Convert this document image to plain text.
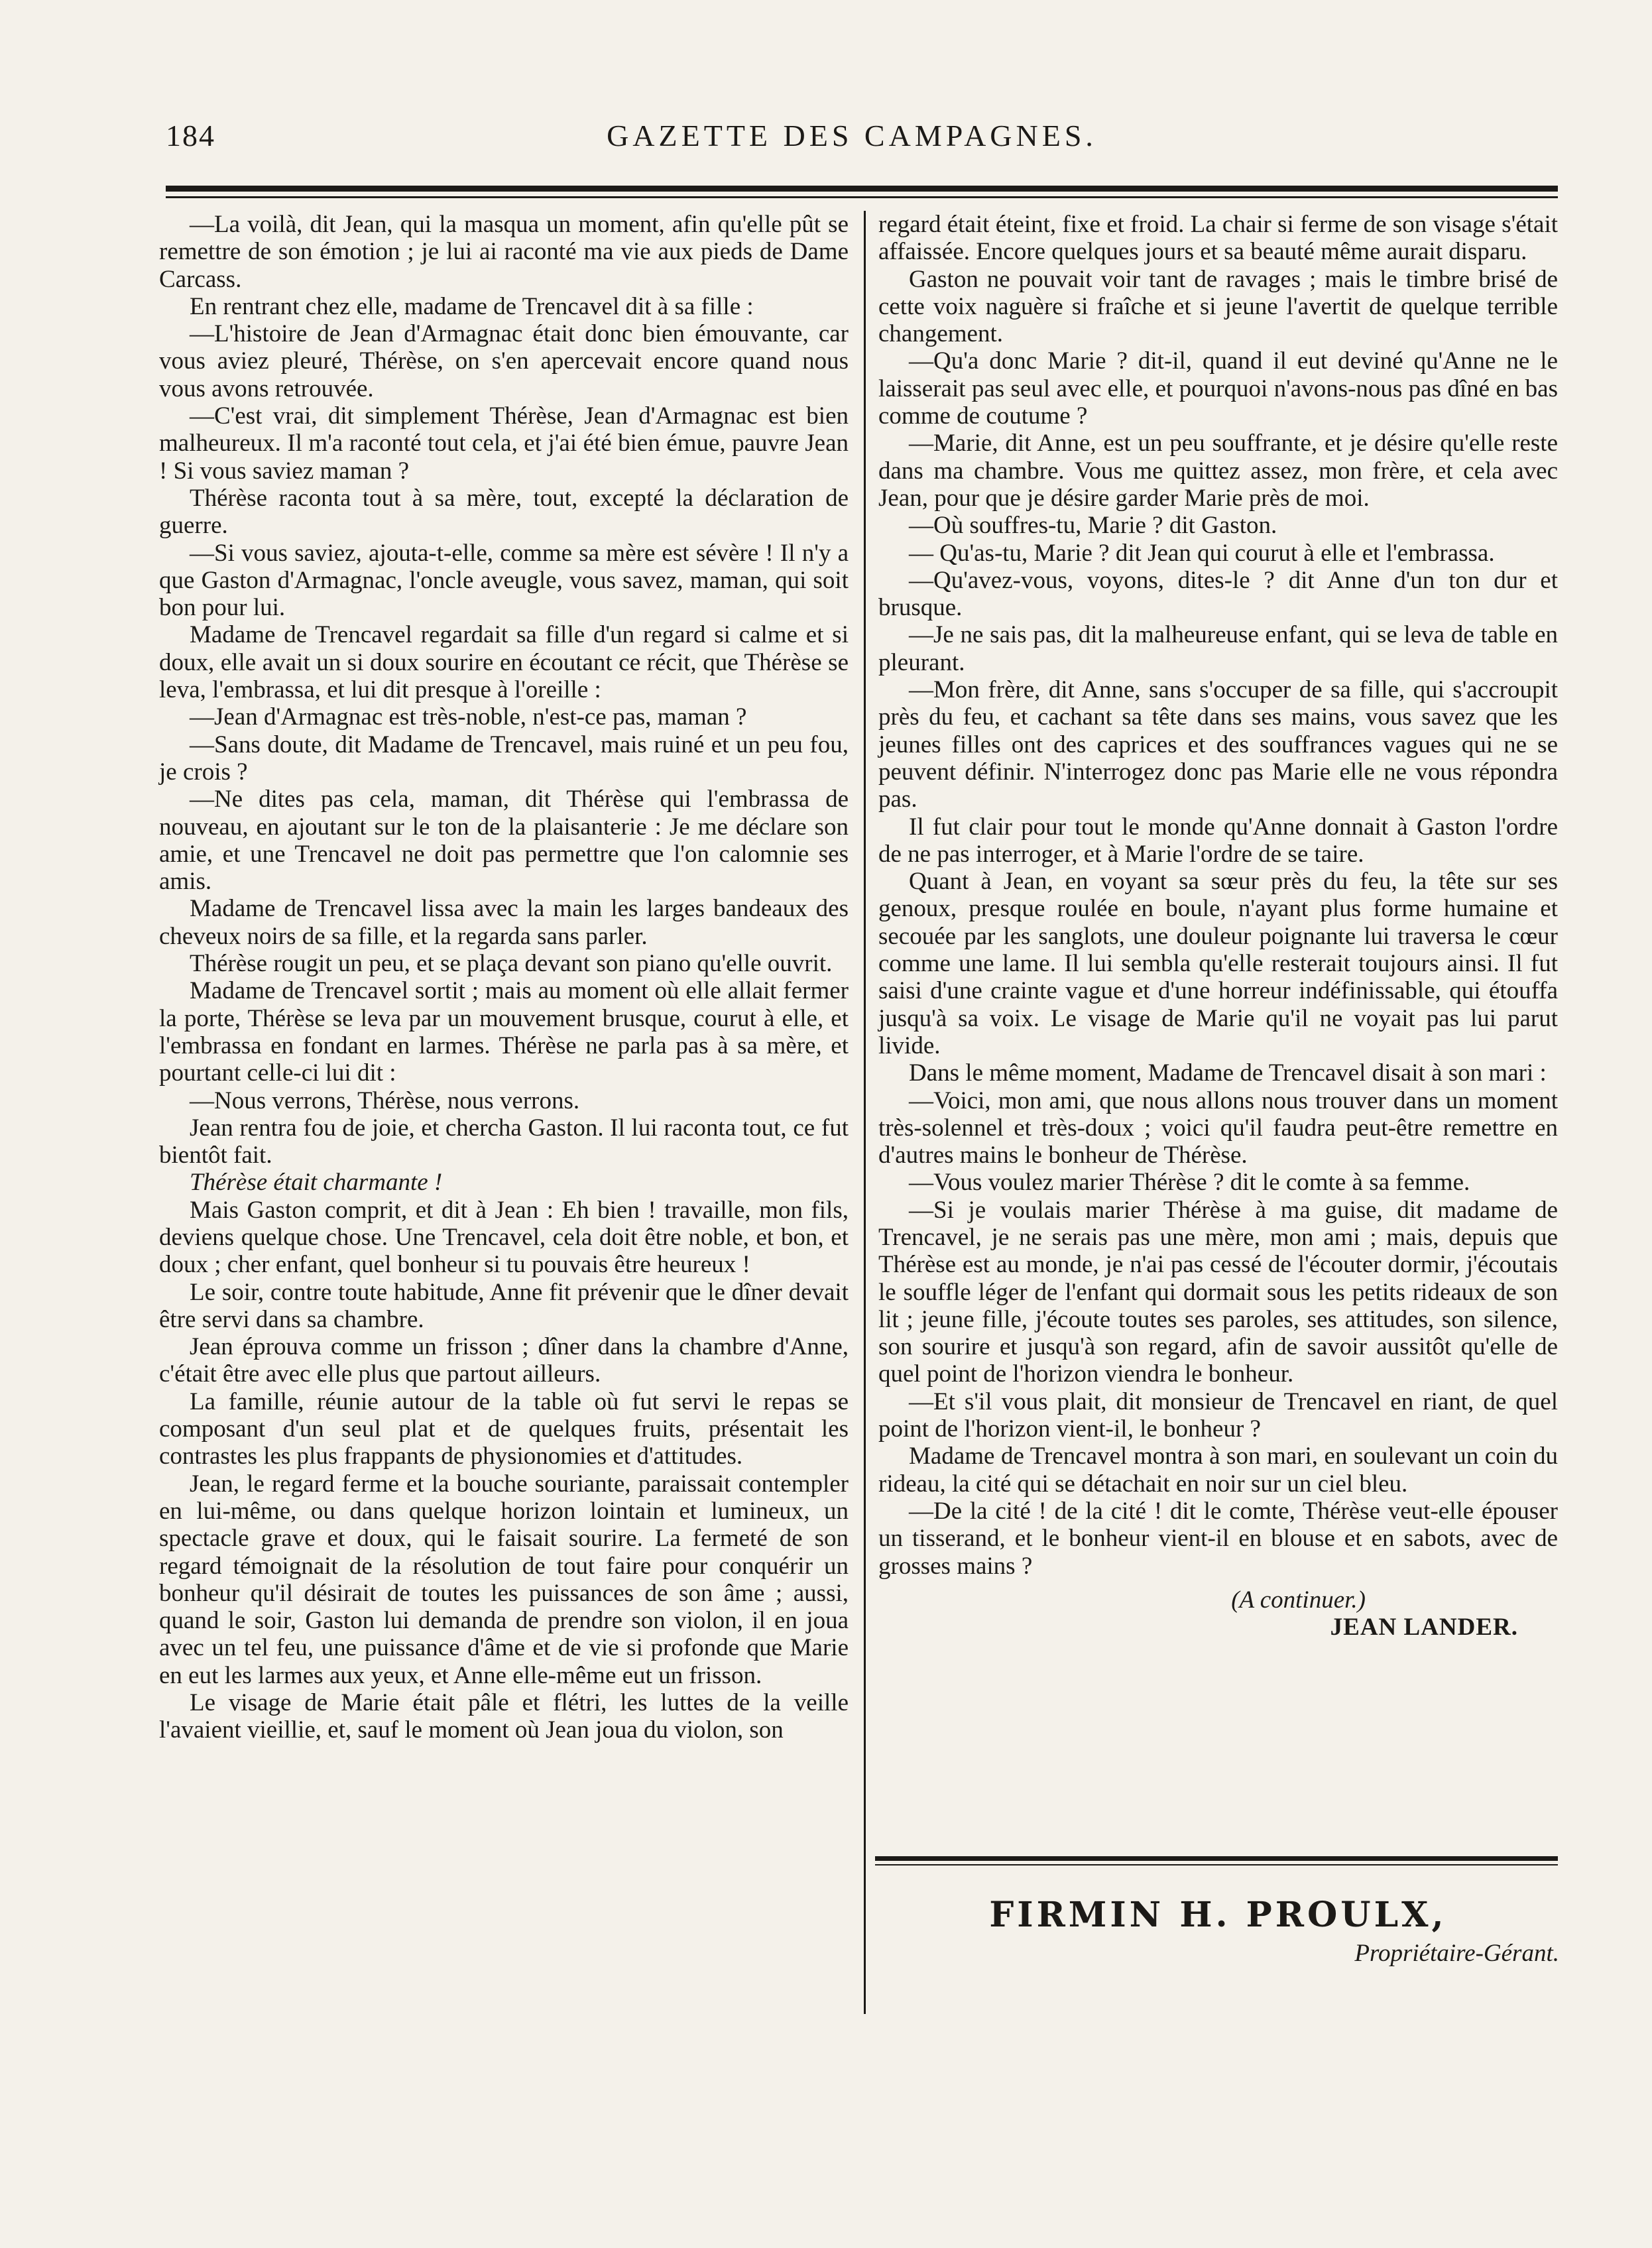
184	GAZETTE DES CAMPAGNES.

—La voilà, dit Jean, qui la masqua un moment, afin qu'elle pût se remettre de son émotion ; je lui ai raconté ma vie aux pieds de Dame Carcass.

En rentrant chez elle, madame de Trencavel dit à sa fille :

—L'histoire de Jean d'Armagnac était donc bien émouvante, car vous aviez pleuré, Thérèse, on s'en apercevait encore quand nous vous avons retrouvée.

—C'est vrai, dit simplement Thérèse, Jean d'Armagnac est bien malheureux. Il m'a raconté tout cela, et j'ai été bien émue, pauvre Jean ! Si vous saviez maman ?

Thérèse raconta tout à sa mère, tout, excepté la déclaration de guerre.

—Si vous saviez, ajouta-t-elle, comme sa mère est sévère ! Il n'y a que Gaston d'Armagnac, l'oncle aveugle, vous savez, maman, qui soit bon pour lui.

Madame de Trencavel regardait sa fille d'un regard si calme et si doux, elle avait un si doux sourire en écoutant ce récit, que Thérèse se leva, l'embrassa, et lui dit presque à l'oreille :

—Jean d'Armagnac est très-noble, n'est-ce pas, maman ?

—Sans doute, dit Madame de Trencavel, mais ruiné et un peu fou, je crois ?

—Ne dites pas cela, maman, dit Thérèse qui l'embrassa de nouveau, en ajoutant sur le ton de la plaisanterie : Je me déclare son amie, et une Trencavel ne doit pas permettre que l'on calomnie ses amis.

Madame de Trencavel lissa avec la main les larges bandeaux des cheveux noirs de sa fille, et la regarda sans parler.

Thérèse rougit un peu, et se plaça devant son piano qu'elle ouvrit.

Madame de Trencavel sortit ; mais au moment où elle allait fermer la porte, Thérèse se leva par un mouvement brusque, courut à elle, et l'embrassa en fondant en larmes. Thérèse ne parla pas à sa mère, et pourtant celle-ci lui dit :

—Nous verrons, Thérèse, nous verrons.

Jean rentra fou de joie, et chercha Gaston. Il lui raconta tout, ce fut bientôt fait.

Thérèse était charmante !

Mais Gaston comprit, et dit à Jean : Eh bien ! travaille, mon fils, deviens quelque chose. Une Trencavel, cela doit être noble, et bon, et doux ; cher enfant, quel bonheur si tu pouvais être heureux !

Le soir, contre toute habitude, Anne fit prévenir que le dîner devait être servi dans sa chambre.

Jean éprouva comme un frisson ; dîner dans la chambre d'Anne, c'était être avec elle plus que partout ailleurs.

La famille, réunie autour de la table où fut servi le repas se composant d'un seul plat et de quelques fruits, présentait les contrastes les plus frappants de physionomies et d'attitudes.

Jean, le regard ferme et la bouche souriante, paraissait contempler en lui-même, ou dans quelque horizon lointain et lumineux, un spectacle grave et doux, qui le faisait sourire. La fermeté de son regard témoignait de la résolution de tout faire pour conquérir un bonheur qu'il désirait de toutes les puissances de son âme ; aussi, quand le soir, Gaston lui demanda de prendre son violon, il en joua avec un tel feu, une puissance d'âme et de vie si profonde que Marie en eut les larmes aux yeux, et Anne elle-même eut un frisson.

Le visage de Marie était pâle et flétri, les luttes de la veille l'avaient vieillie, et, sauf le moment où Jean joua du violon, son

regard était éteint, fixe et froid. La chair si ferme de son visage s'était affaissée. Encore quelques jours et sa beauté même aurait disparu.

Gaston ne pouvait voir tant de ravages ; mais le timbre brisé de cette voix naguère si fraîche et si jeune l'avertit de quelque terrible changement.

—Qu'a donc Marie ? dit-il, quand il eut deviné qu'Anne ne le laisserait pas seul avec elle, et pourquoi n'avons-nous pas dîné en bas comme de coutume ?

—Marie, dit Anne, est un peu souffrante, et je désire qu'elle reste dans ma chambre. Vous me quittez assez, mon frère, et cela avec Jean, pour que je désire garder Marie près de moi.

—Où souffres-tu, Marie ? dit Gaston.

— Qu'as-tu, Marie ? dit Jean qui courut à elle et l'embrassa.

—Qu'avez-vous, voyons, dites-le ? dit Anne d'un ton dur et brusque.

—Je ne sais pas, dit la malheureuse enfant, qui se leva de table en pleurant.

—Mon frère, dit Anne, sans s'occuper de sa fille, qui s'accroupit près du feu, et cachant sa tête dans ses mains, vous savez que les jeunes filles ont des caprices et des souffrances vagues qui ne se peuvent définir. N'interrogez donc pas Marie elle ne vous répondra pas.

Il fut clair pour tout le monde qu'Anne donnait à Gaston l'ordre de ne pas interroger, et à Marie l'ordre de se taire.

Quant à Jean, en voyant sa sœur près du feu, la tête sur ses genoux, presque roulée en boule, n'ayant plus forme humaine et secouée par les sanglots, une douleur poignante lui traversa le cœur comme une lame. Il lui sembla qu'elle resterait toujours ainsi. Il fut saisi d'une crainte vague et d'une horreur indéfinissable, qui étouffa jusqu'à sa voix. Le visage de Marie qu'il ne voyait pas lui parut livide.

Dans le même moment, Madame de Trencavel disait à son mari :

—Voici, mon ami, que nous allons nous trouver dans un moment très-solennel et très-doux ; voici qu'il faudra peut-être remettre en d'autres mains le bonheur de Thérèse.

—Vous voulez marier Thérèse ? dit le comte à sa femme.

—Si je voulais marier Thérèse à ma guise, dit madame de Trencavel, je ne serais pas une mère, mon ami ; mais, depuis que Thérèse est au monde, je n'ai pas cessé de l'écouter dormir, j'écoutais le souffle léger de l'enfant qui dormait sous les petits rideaux de son lit ; jeune fille, j'écoute toutes ses paroles, ses attitudes, son silence, son sourire et jusqu'à son regard, afin de savoir aussitôt qu'elle de quel point de l'horizon viendra le bonheur.

—Et s'il vous plait, dit monsieur de Trencavel en riant, de quel point de l'horizon vient-il, le bonheur ?

Madame de Trencavel montra à son mari, en soulevant un coin du rideau, la cité qui se détachait en noir sur un ciel bleu.

—De la cité ! de la cité ! dit le comte, Thérèse veut-elle épouser un tisserand, et le bonheur vient-il en blouse et en sabots, avec de grosses mains ?

(A continuer.)
JEAN LANDER.
FIRMIN H. PROULX,
Propriétaire-Gérant.
